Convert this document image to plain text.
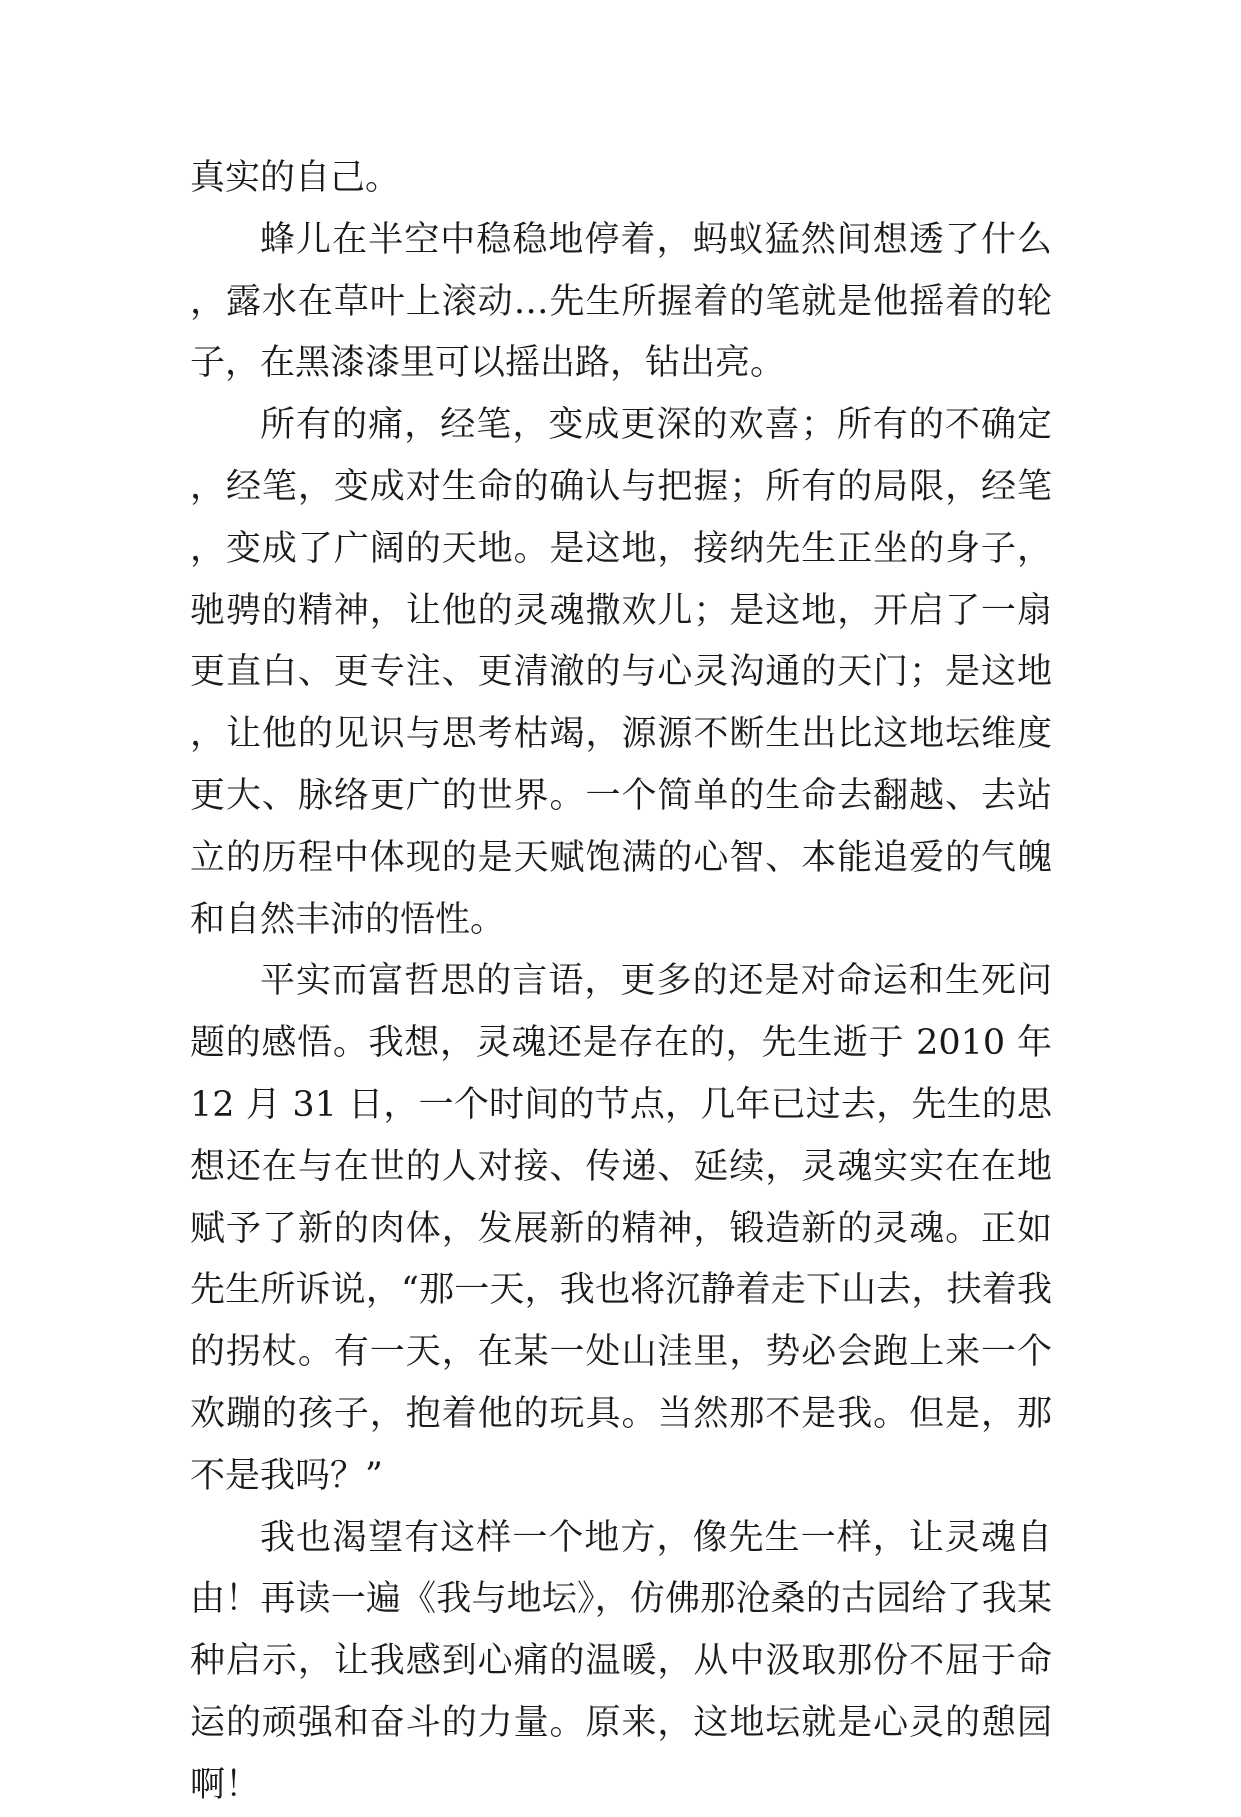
真实的自己。

蜂儿在半空中稳稳地停着，蚂蚁猛然间想透了什么，露水在草叶上滚动…先生所握着的笔就是他摇着的轮子，在黑漆漆里可以摇出路，钻出亮。

所有的痛，经笔，变成更深的欢喜；所有的不确定，经笔，变成对生命的确认与把握；所有的局限，经笔，变成了广阔的天地。是这地，接纳先生正坐的身子，驰骋的精神，让他的灵魂撒欢儿；是这地，开启了一扇更直白、更专注、更清澈的与心灵沟通的天门；是这地，让他的见识与思考枯竭，源源不断生出比这地坛维度更大、脉络更广的世界。一个简单的生命去翻越、去站立的历程中体现的是天赋饱满的心智、本能追爱的气魄和自然丰沛的悟性。

平实而富哲思的言语，更多的还是对命运和生死问题的感悟。我想，灵魂还是存在的，先生逝于 2010 年 12 月 31 日，一个时间的节点，几年已过去，先生的思想还在与在世的人对接、传递、延续，灵魂实实在在地赋予了新的肉体，发展新的精神，锻造新的灵魂。正如先生所诉说，“那一天，我也将沉静着走下山去，扶着我的拐杖。有一天，在某一处山洼里，势必会跑上来一个欢蹦的孩子，抱着他的玩具。当然那不是我。但是，那不是我吗？”

我也渴望有这样一个地方，像先生一样，让灵魂自由！再读一遍《我与地坛》，仿佛那沧桑的古园给了我某种启示，让我感到心痛的温暖，从中汲取那份不屈于命运的顽强和奋斗的力量。原来，这地坛就是心灵的憩园啊！
